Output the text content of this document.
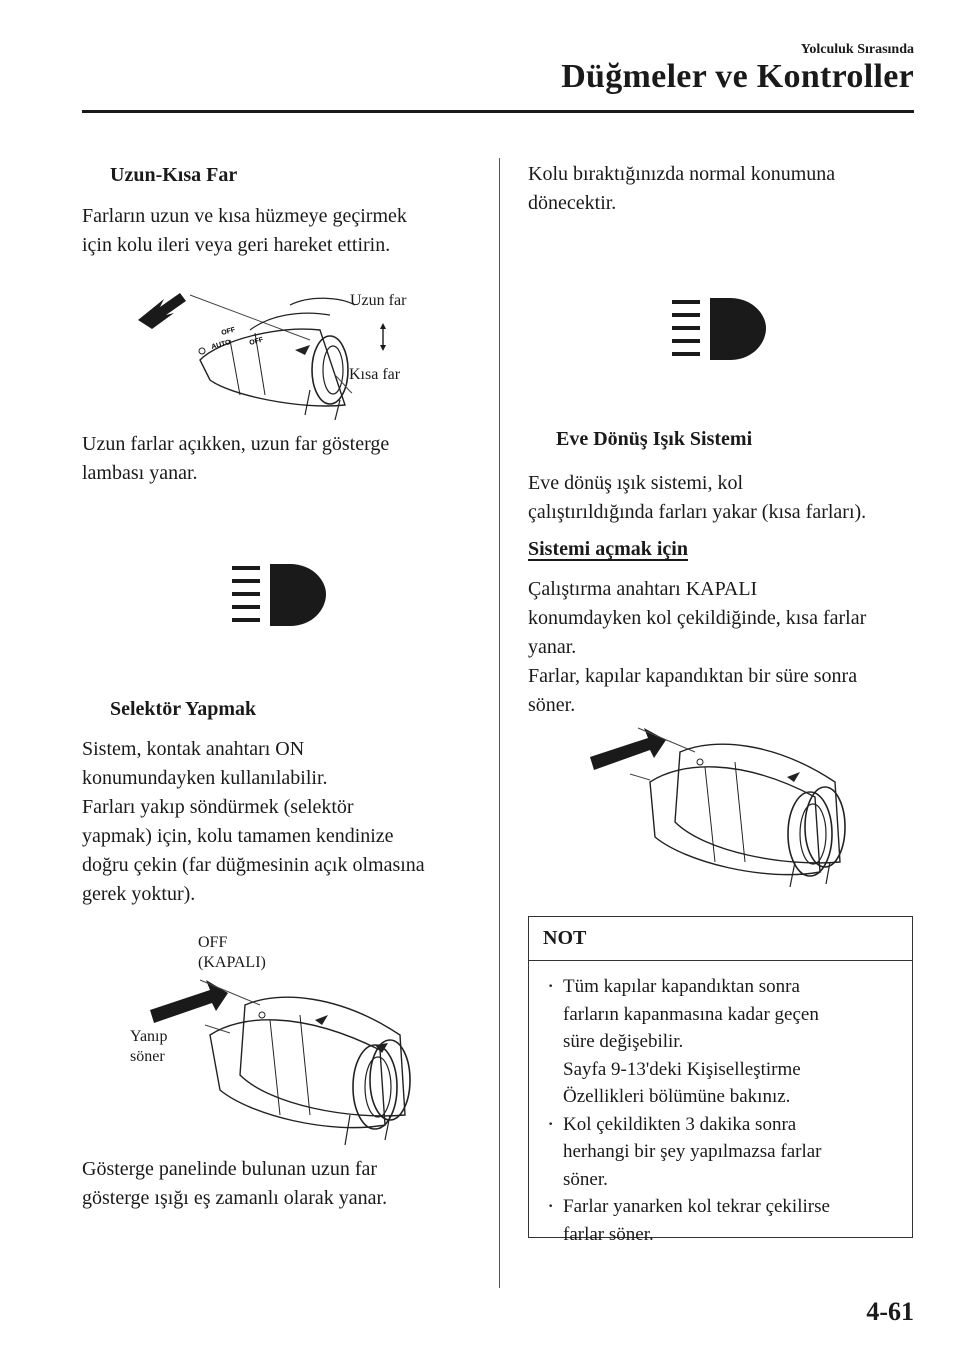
Yolculuk Sırasında
Düğmeler ve Kontroller
Uzun-Kısa Far
Farların uzun ve kısa hüzmeye geçirmek
için kolu ileri veya geri hareket ettirin.
OFF
AUTO OFF
Uzun far
Kısa far
Uzun farlar açıkken, uzun far gösterge
lambası yanar.
Selektör Yapmak
Sistem, kontak anahtarı ON
konumundayken kullanılabilir.
Farları yakıp söndürmek (selektör
yapmak) için, kolu tamamen kendinize
doğru çekin (far düğmesinin açık olmasına
gerek yoktur).
OFF
(KAPALI)
Yanıp
söner
Gösterge panelinde bulunan uzun far
gösterge ışığı eş zamanlı olarak yanar.
Kolu bıraktığınızda normal konumuna
dönecektir.
Eve Dönüş Işık Sistemi
Eve dönüş ışık sistemi, kol
çalıştırıldığında farları yakar (kısa farları).
Sistemi açmak için
Çalıştırma anahtarı KAPALI
konumdayken kol çekildiğinde, kısa farlar
yanar.
Farlar, kapılar kapandıktan bir süre sonra
söner.
NOT
· Tüm kapılar kapandıktan sonra
farların kapanmasına kadar geçen
süre değişebilir.
Sayfa 9-13'deki Kişiselleştirme
Özellikleri bölümüne bakınız.
· Kol çekildikten 3 dakika sonra
herhangi bir şey yapılmazsa farlar
söner.
· Farlar yanarken kol tekrar çekilirse
farlar söner.
4-61
